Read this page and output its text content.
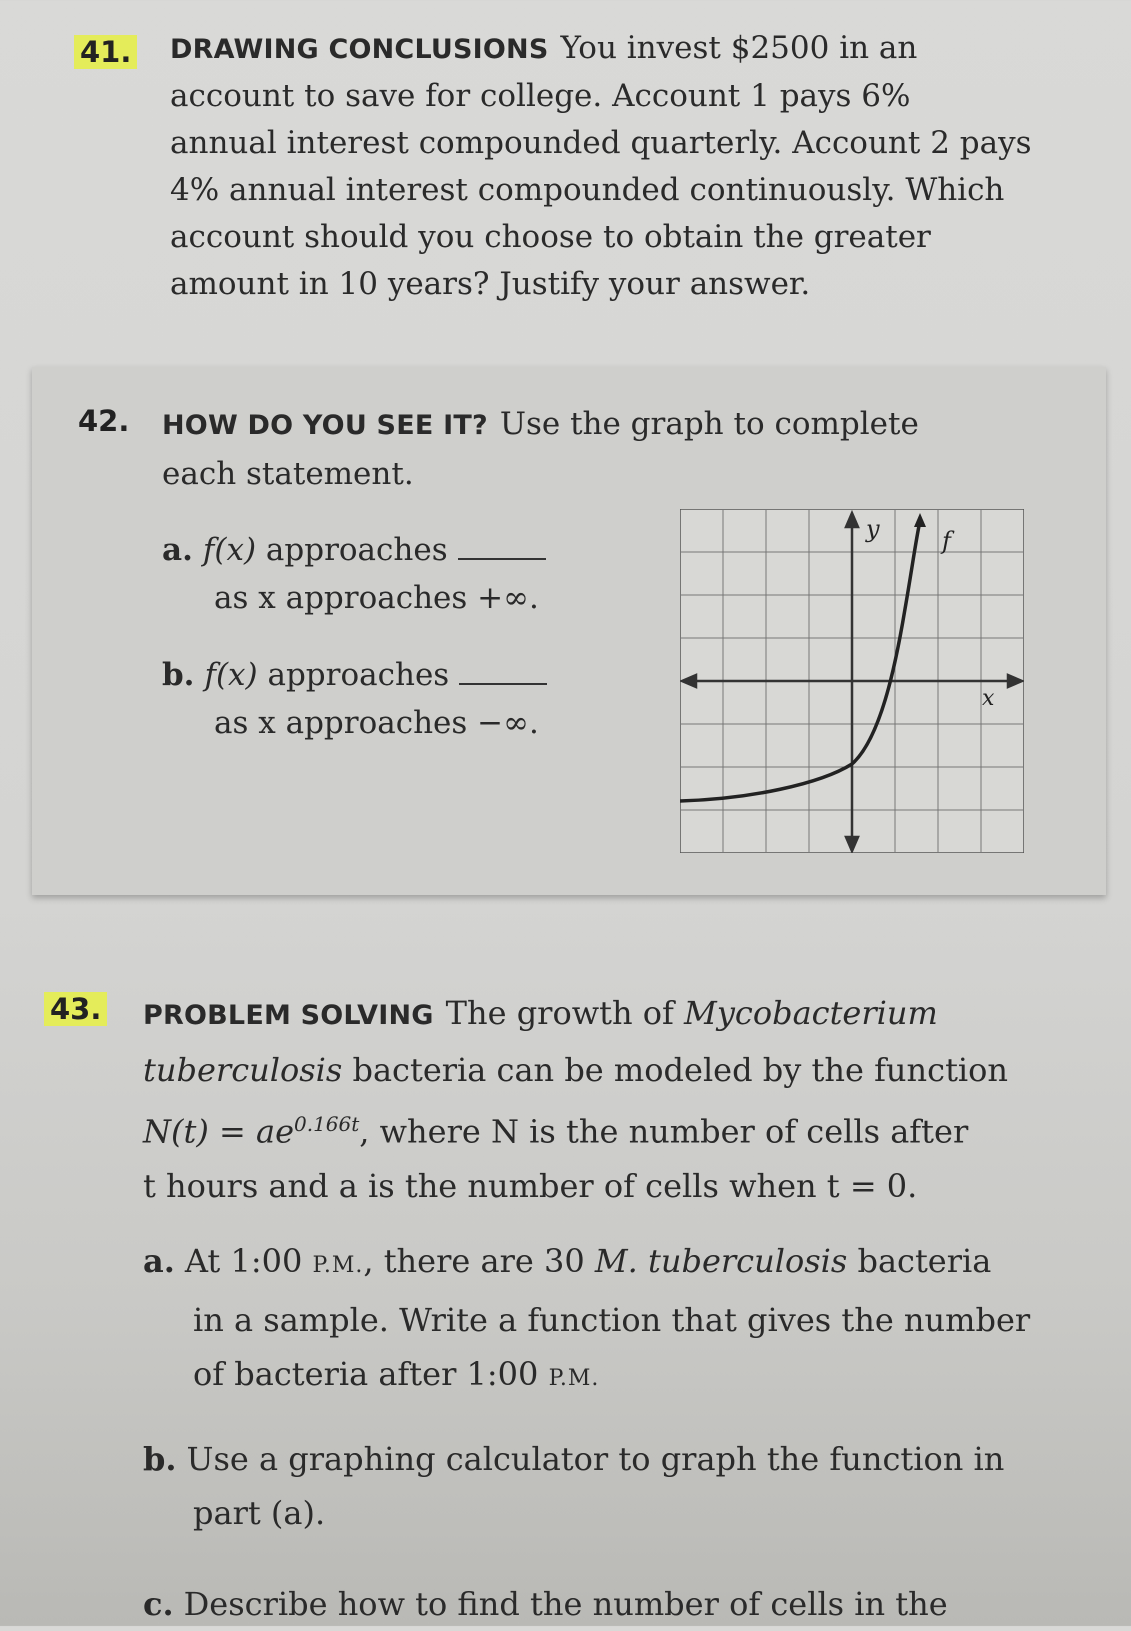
41. DRAWING CONCLUSIONS You invest $2500 in an
account to save for college. Account 1 pays 6%
annual interest compounded quarterly. Account 2 pays
4% annual interest compounded continuously. Which
account should you choose to obtain the greater
amount in 10 years? Justify your answer.
42. HOW DO YOU SEE IT? Use the graph to complete
each statement.
a. f(x) approaches
as x approaches +∞.
b. f(x) approaches
as x approaches −∞.
y
x
f
43. PROBLEM SOLVING The growth of Mycobacterium
tuberculosis bacteria can be modeled by the function
$N(t) = ae^{0.166t}$, where N is the number of cells after
t hours and a is the number of cells when t = 0.
a. At 1:00 P.M., there are 30 M. tuberculosis bacteria
in a sample. Write a function that gives the number
of bacteria after 1:00 P.M.
b. Use a graphing calculator to graph the function in
part (a).
c. Describe how to find the number of cells in the
